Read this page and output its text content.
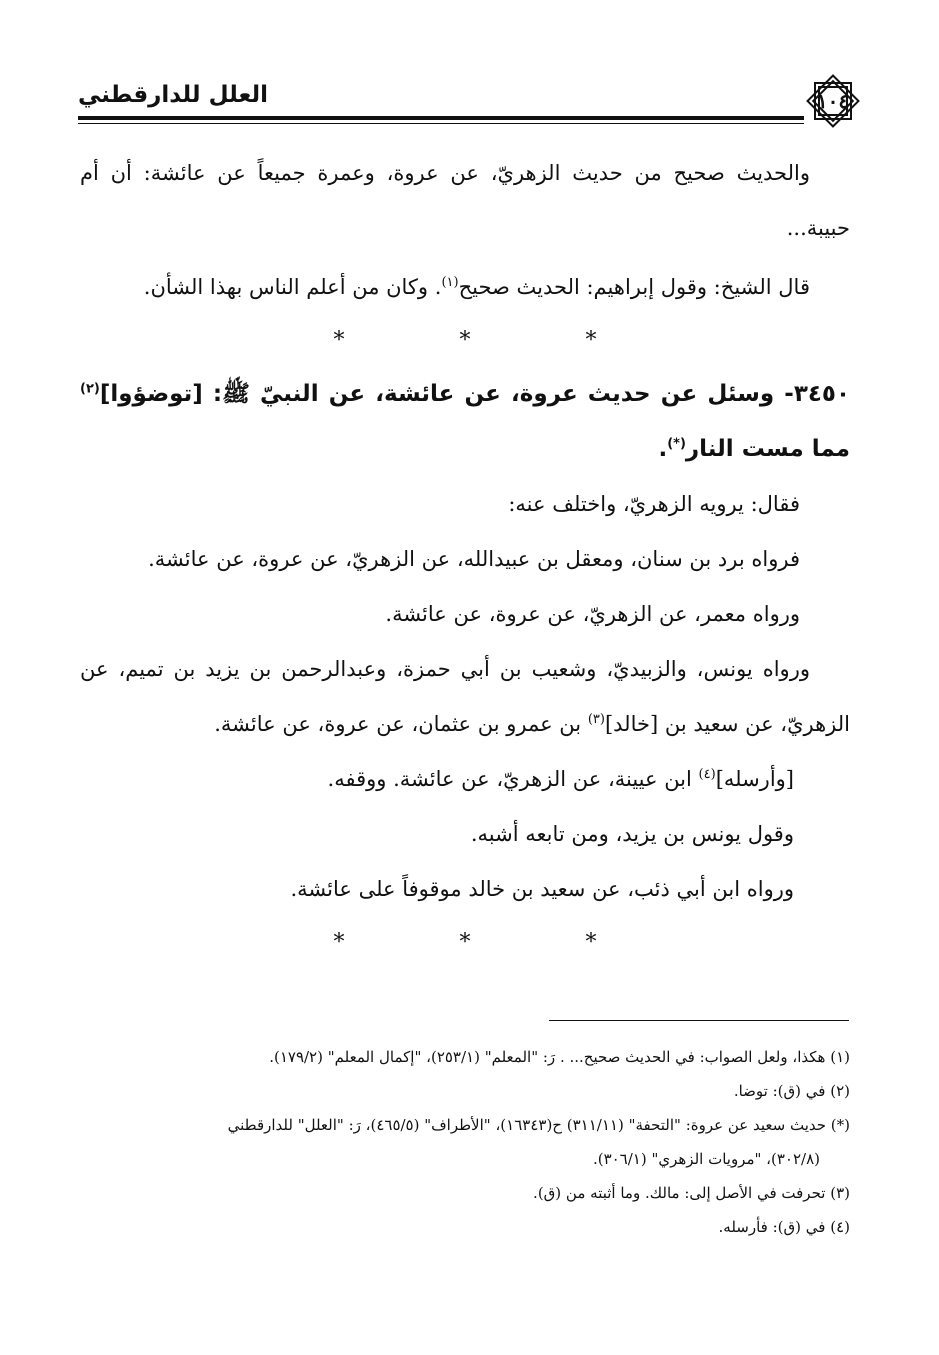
١٠٤
العلل للدارقطني

والحديث صحيح من حديث الزهريّ، عن عروة، وعمرة جميعاً عن عائشة: أن أم حبيبة...

قال الشيخ: وقول إبراهيم: الحديث صحيح$^{(١)}$. وكان من أعلم الناس بهذا الشأن.

* * *

٣٤٥٠- وسئل عن حديث عروة، عن عائشة، عن النبيّ ﷺ: [توضؤوا]$^{(٢)}$ مما مست النار(*).

فقال: يرويه الزهريّ، واختلف عنه:

فرواه برد بن سنان، ومعقل بن عبيدالله، عن الزهريّ، عن عروة، عن عائشة.

ورواه معمر، عن الزهريّ، عن عروة، عن عائشة.

ورواه يونس، والزبيديّ، وشعيب بن أبي حمزة، وعبدالرحمن بن يزيد بن تميم، عن الزهريّ، عن سعيد بن [خالد]$^{(٣)}$ بن عمرو بن عثمان، عن عروة، عن عائشة.

[وأرسله]$^{(٤)}$ ابن عيينة، عن الزهريّ، عن عائشة. ووقفه.

وقول يونس بن يزيد، ومن تابعه أشبه.

ورواه ابن أبي ذئب، عن سعيد بن خالد موقوفاً على عائشة.

* * *

(١) هكذا، ولعل الصواب: في الحديث صحيح... . رَ: "المعلم" (٢٥٣/١)، "إكمال المعلم" (١٧٩/٢).

(٢) في (ق): توضا.

(*) حديث سعيد عن عروة: "التحفة" (٣١١/١١) ح(١٦٣٤٣)، "الأطراف" (٤٦٥/٥)، رَ: "العلل" للدارقطني

(٣٠٢/٨)، "مرويات الزهري" (٣٠٦/١).

(٣) تحرفت في الأصل إلى: مالك. وما أثبته من (ق).

(٤) في (ق): فأرسله.
